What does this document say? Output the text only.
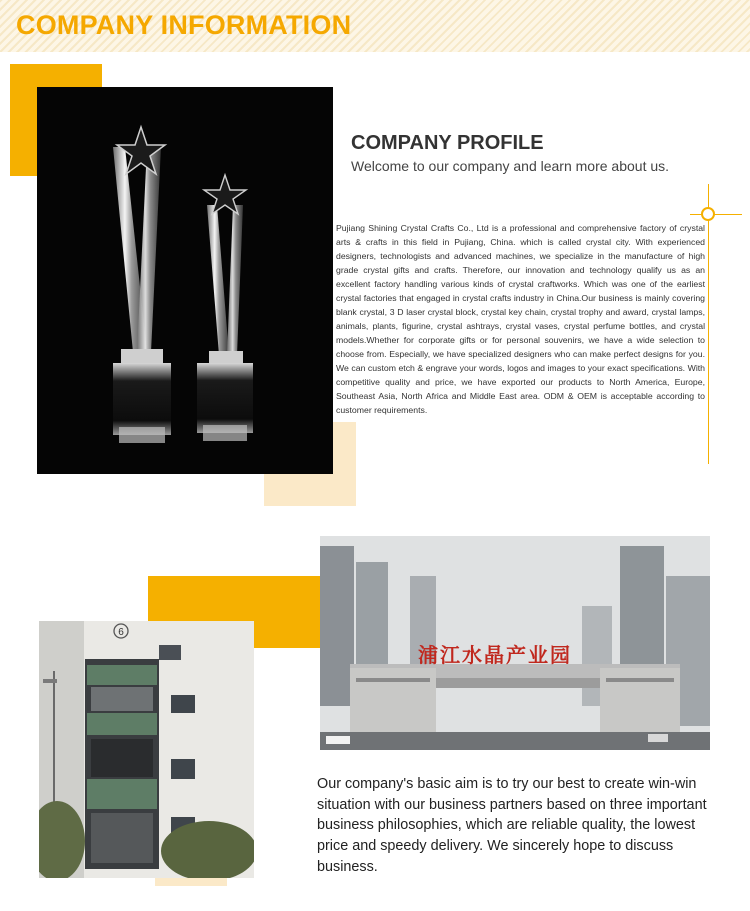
COMPANY INFORMATION
COMPANY PROFILE

Welcome to our company and learn more about us.

Pujiang Shining Crystal Crafts Co., Ltd is a professional and comprehensive factory of crystal arts & crafts in this field in Pujiang, China. which is called crystal city. With experienced designers, technologists and advanced machines, we specialize in the manufacture of high grade crystal gifts and crafts. Therefore, our innovation and technology qualify us as an excellent factory handling various kinds of crystal craftworks. Which was one of the earliest crystal factories that engaged in crystal crafts industry in China.Our business is mainly covering blank crystal, 3 D laser crystal block, crystal key chain, crystal trophy and award, crystal lamps, animals, plants, figurine, crystal ashtrays, crystal vases, crystal perfume bottles, and crystal models.Whether for corporate gifts or for personal souvenirs, we have a wide selection to choose from. Especially, we have specialized designers who can make perfect designs for you. We can custom etch & engrave your words, logos and images to your exact specifications. With competitive quality and price, we have exported our products to North America, Europe, Southeast Asia, North Africa and Middle East area. ODM & OEM is acceptable according to customer requirements.

6
浦江水晶产业园

Our company's basic aim is to try our best to create win-win situation with our business partners based on three important business philosophies, which are reliable quality, the lowest price and speedy delivery. We sincerely hope to discuss business.
